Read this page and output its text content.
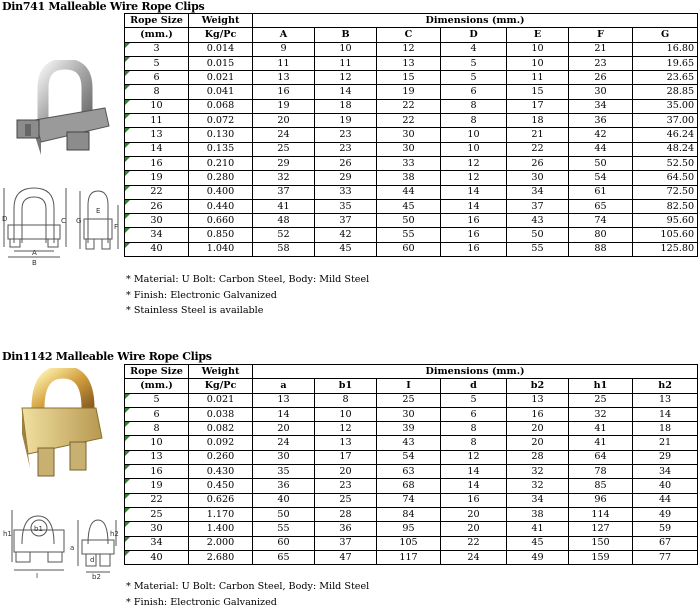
Din741 Malleable Wire Rope Clips
D	C
B
A
G
F
E
Rope Size	Weight	Dimensions (mm.)						
(mm.)	Kg/Pc	A	B	C	D	E	F	G
3	0.014	9	10	12	4	10	21	16.80
5	0.015	11	11	13	5	10	23	19.65
6	0.021	13	12	15	5	11	26	23.65
8	0.041	16	14	19	6	15	30	28.85
10	0.068	19	18	22	8	17	34	35.00
11	0.072	20	19	22	8	18	36	37.00
13	0.130	24	23	30	10	21	42	46.24
14	0.135	25	23	30	10	22	44	48.24
16	0.210	29	26	33	12	26	50	52.50
19	0.280	32	29	38	12	30	54	64.50
22	0.400	37	33	44	14	34	61	72.50
26	0.440	41	35	45	14	37	65	82.50
30	0.660	48	37	50	16	43	74	95.60
34	0.850	52	42	55	16	50	80	105.60
40	1.040	58	45	60	16	55	88	125.80
* Material: U Bolt: Carbon Steel, Body: Mild Steel
* Finish: Electronic Galvanized
* Stainless Steel is available
Din1142 Malleable Wire Rope Clips
h1
b1
a
d
h2
I	b2
Rope Size	Weight	Dimensions (mm.)						
(mm.)	Kg/Pc	a	b1	I	d	b2	h1	h2
5	0.021	13	8	25	5	13	25	13
6	0.038	14	10	30	6	16	32	14
8	0.082	20	12	39	8	20	41	18
10	0.092	24	13	43	8	20	41	21
13	0.260	30	17	54	12	28	64	29
16	0.430	35	20	63	14	32	78	34
19	0.450	36	23	68	14	32	85	40
22	0.626	40	25	74	16	34	96	44
25	1.170	50	28	84	20	38	114	49
30	1.400	55	36	95	20	41	127	59
34	2.000	60	37	105	22	45	150	67
40	2.680	65	47	117	24	49	159	77
* Material: U Bolt: Carbon Steel, Body: Mild Steel
* Finish: Electronic Galvanized
